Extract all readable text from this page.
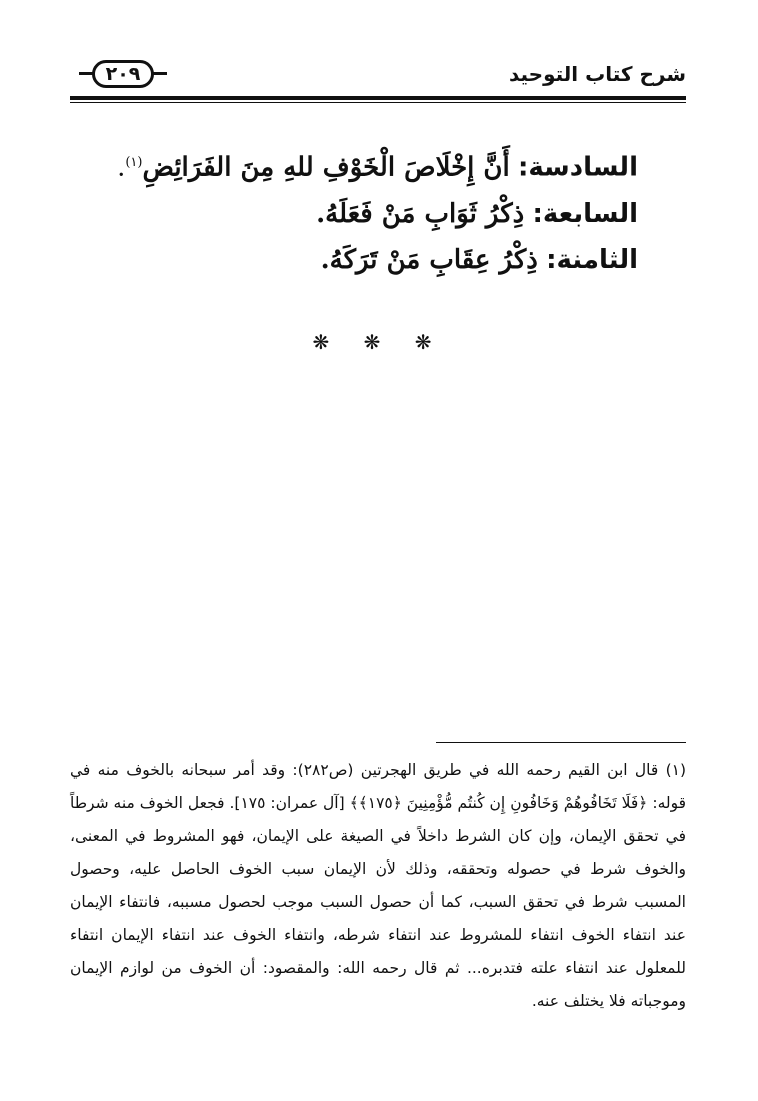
شرح كتاب التوحيد
٢٠٩
السادسة: أَنَّ إِخْلَاصَ الْخَوْفِ للهِ مِنَ الفَرَائِضِ$^{(١)}$.
السابعة: ذِكْرُ ثَوَابِ مَنْ فَعَلَهُ.
الثامنة: ذِكْرُ عِقَابِ مَنْ تَرَكَهُ.
❋ ❋ ❋

(١) قال ابن القيم رحمه الله في طريق الهجرتين (ص٢٨٢): وقد أمر سبحانه بالخوف منه في قوله: ﴿فَلَا تَخَافُوهُمْ وَخَافُونِ إِن كُنتُم مُّؤْمِنِينَ ﴿١٧٥﴾﴾ [آل عمران: ١٧٥]. فجعل الخوف منه شرطاً في تحقق الإيمان، وإن كان الشرط داخلاً في الصيغة على الإيمان، فهو المشروط في المعنى، والخوف شرط في حصوله وتحققه، وذلك لأن الإيمان سبب الخوف الحاصل عليه، وحصول المسبب شرط في تحقق السبب، كما أن حصول السبب موجب لحصول مسببه، فانتفاء الإيمان عند انتفاء الخوف انتفاء للمشروط عند انتفاء شرطه، وانتفاء الخوف عند انتفاء الإيمان انتفاء للمعلول عند انتفاء علته فتدبره... ثم قال رحمه الله: والمقصود: أن الخوف من لوازم الإيمان وموجباته فلا يختلف عنه.
